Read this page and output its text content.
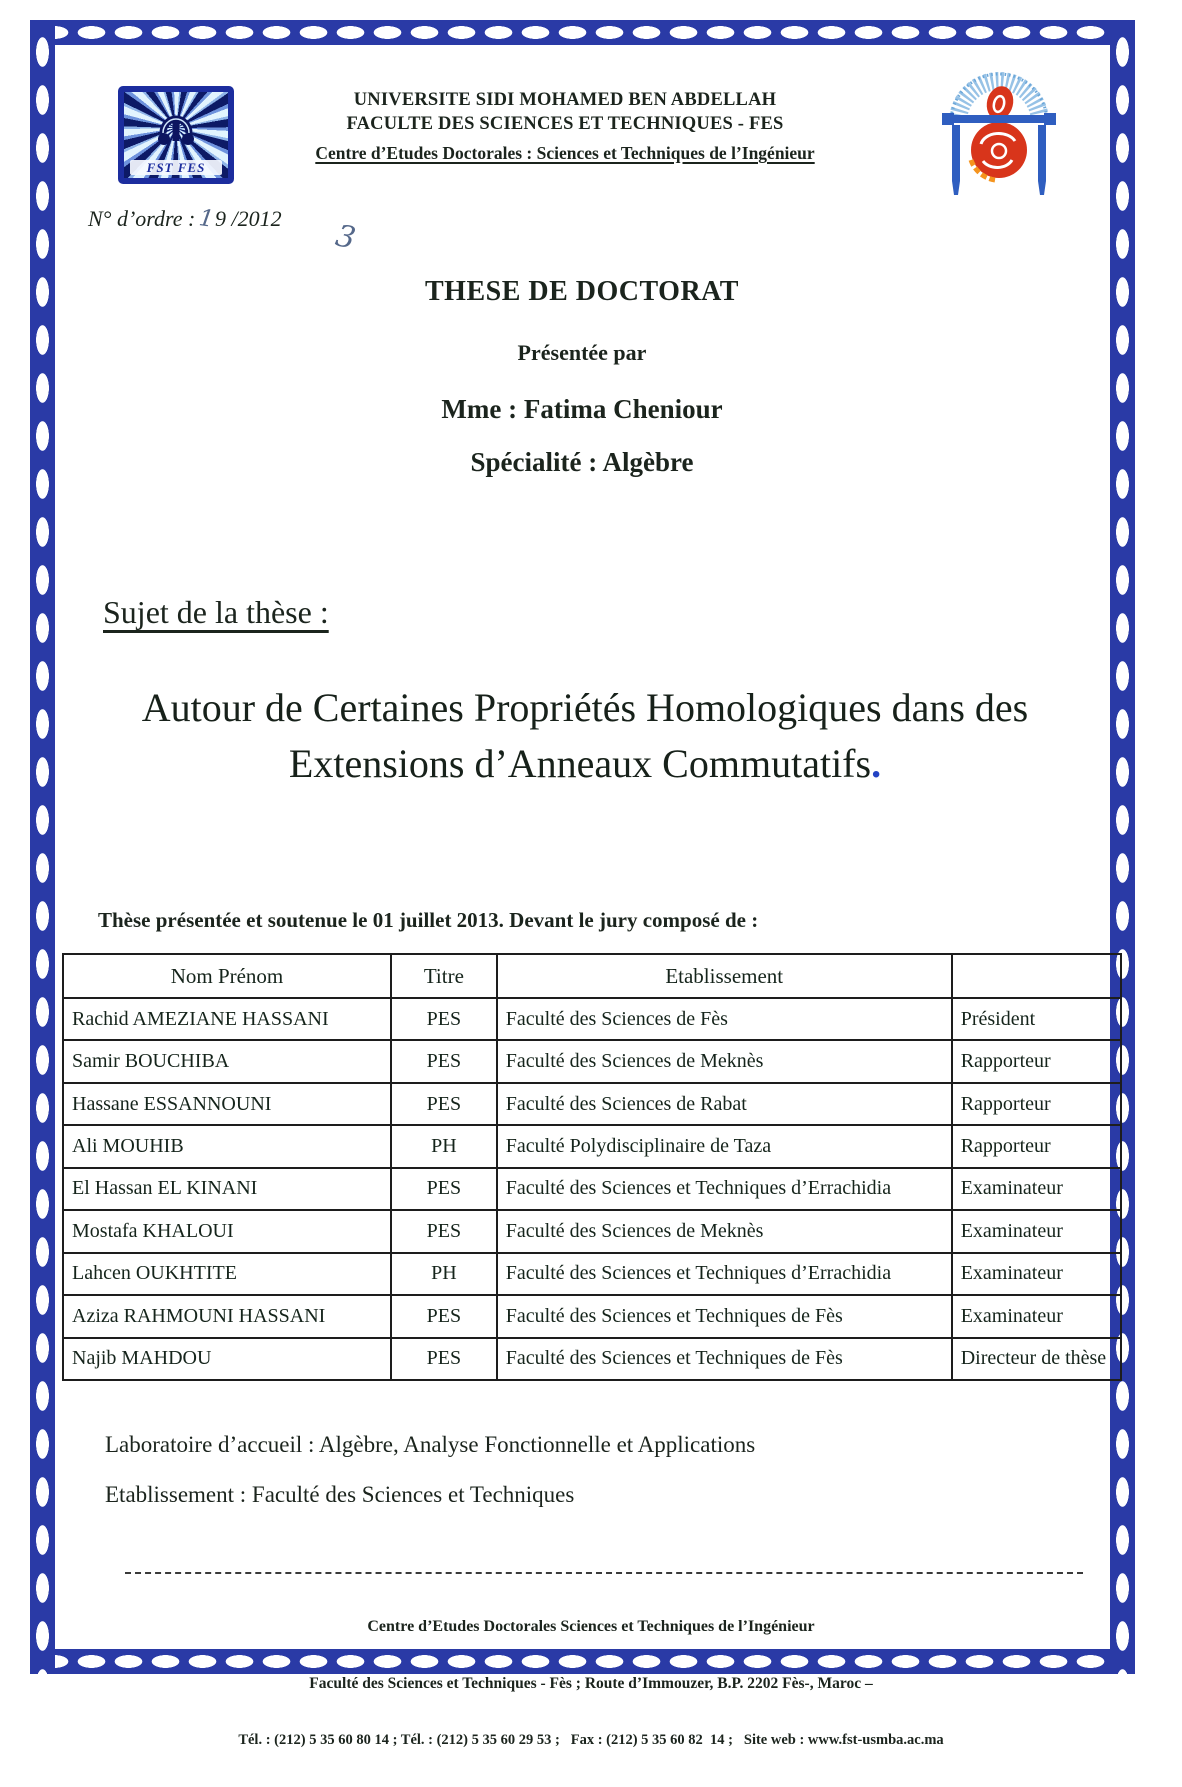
FST FES
UNIVERSITE SIDI MOHAMED BEN ABDELLAH
FACULTE DES SCIENCES ET TECHNIQUES - FES
Centre d’Etudes Doctorales : Sciences et Techniques de l’Ingénieur
N° d’ordre :19 /2012 3
THESE DE DOCTORAT
Présentée par
Mme : Fatima Cheniour
Spécialité : Algèbre
Sujet de la thèse :
Autour de Certaines Propriétés Homologiques dans des
Extensions d’Anneaux Commutatifs.
Thèse présentée et soutenue le 01 juillet 2013. Devant le jury composé de :
Nom Prénom	Titre	Etablissement	
Rachid AMEZIANE HASSANI	PES	Faculté des Sciences de Fès	Président
Samir BOUCHIBA	PES	Faculté des Sciences de Meknès	Rapporteur
Hassane ESSANNOUNI	PES	Faculté des Sciences de Rabat	Rapporteur
Ali MOUHIB	PH	Faculté Polydisciplinaire de Taza	Rapporteur
El Hassan EL KINANI	PES	Faculté des Sciences et Techniques d’Errachidia	Examinateur
Mostafa KHALOUI	PES	Faculté des Sciences de Meknès	Examinateur
Lahcen OUKHTITE	PH	Faculté des Sciences et Techniques d’Errachidia	Examinateur
Aziza RAHMOUNI HASSANI	PES	Faculté des Sciences et Techniques de Fès	Examinateur
Najib MAHDOU	PES	Faculté des Sciences et Techniques de Fès	Directeur de thèse
Laboratoire d’accueil : Algèbre, Analyse Fonctionnelle et Applications
Etablissement : Faculté des Sciences et Techniques

Centre d’Etudes Doctorales Sciences et Techniques de l’Ingénieur

Faculté des Sciences et Techniques - Fès ; Route d’Immouzer, B.P. 2202 Fès-, Maroc –

Tél. : (212) 5 35 60 80 14 ; Tél. : (212) 5 35 60 29 53 ;   Fax : (212) 5 35 60 82  14 ;   Site web : www.fst-usmba.ac.ma
